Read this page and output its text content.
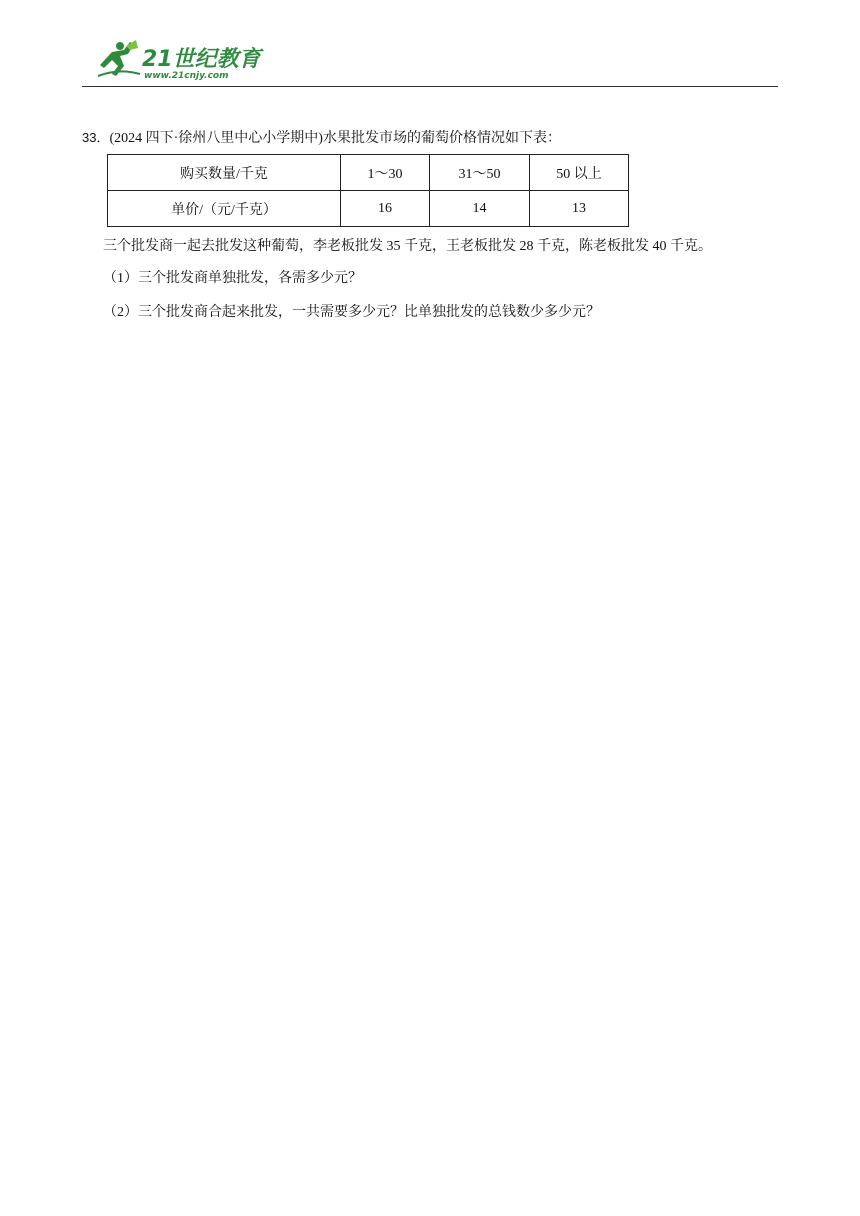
21世纪教育
www.21cnjy.com
33．(2024 四下·徐州八里中心小学期中)水果批发市场的葡萄价格情况如下表：
购买数量/千克	1～30	31～50	50 以上
单价/（元/千克）	16	14	13
三个批发商一起去批发这种葡萄，李老板批发 35 千克，王老板批发 28 千克，陈老板批发 40 千克。
（1）三个批发商单独批发，各需多少元？
（2）三个批发商合起来批发，一共需要多少元？比单独批发的总钱数少多少元？
